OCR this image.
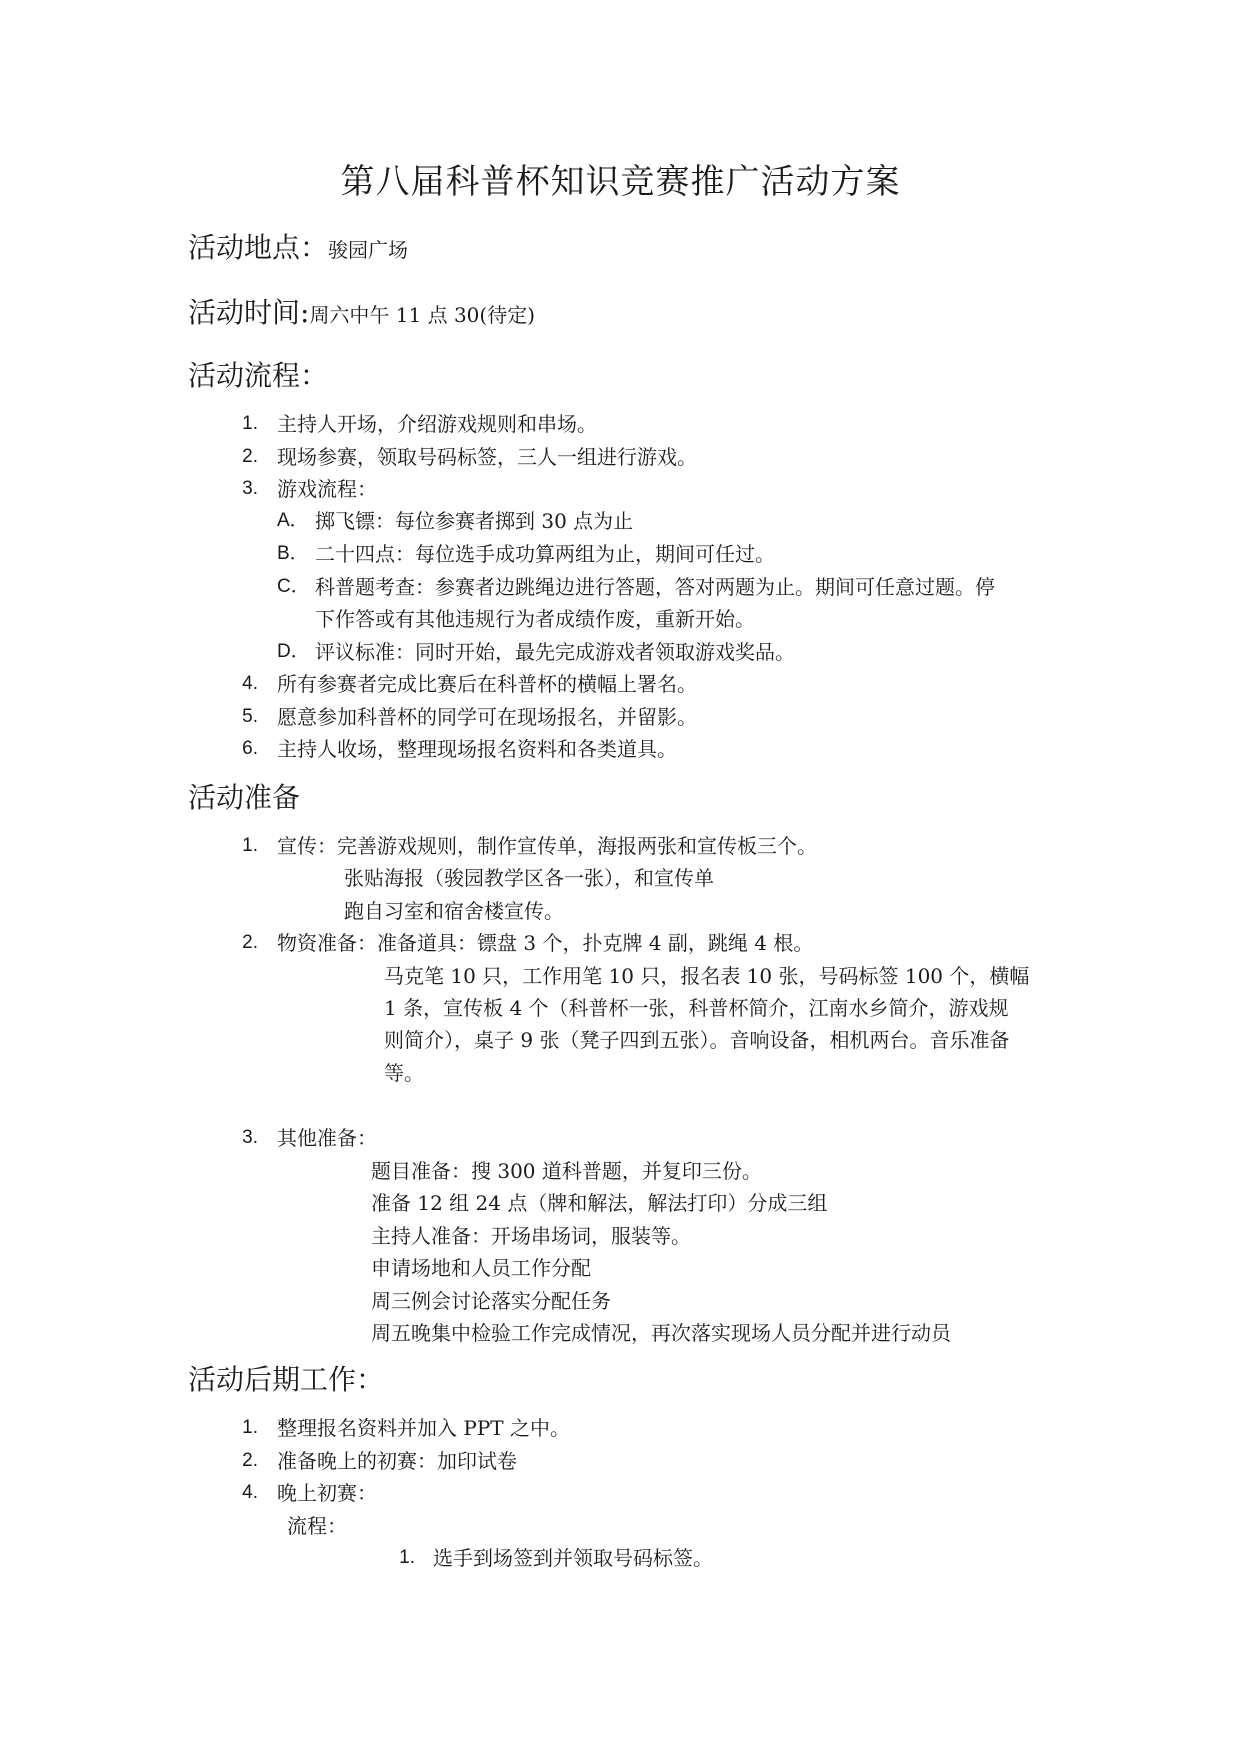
第八届科普杯知识竞赛推广活动方案
活动地点：骏园广场
活动时间:周六中午 11 点 30(待定)
活动流程：
1. 主持人开场，介绍游戏规则和串场。
2. 现场参赛，领取号码标签，三人一组进行游戏。
3. 游戏流程：
A． 掷飞镖：每位参赛者掷到 30 点为止
B． 二十四点：每位选手成功算两组为止，期间可任过。
C． 科普题考查：参赛者边跳绳边进行答题，答对两题为止。期间可任意过题。停
下作答或有其他违规行为者成绩作废，重新开始。
D． 评议标准：同时开始，最先完成游戏者领取游戏奖品。
4. 所有参赛者完成比赛后在科普杯的横幅上署名。
5. 愿意参加科普杯的同学可在现场报名，并留影。
6. 主持人收场，整理现场报名资料和各类道具。
活动准备
1. 宣传：完善游戏规则，制作宣传单，海报两张和宣传板三个。
张贴海报（骏园教学区各一张），和宣传单
跑自习室和宿舍楼宣传。
2. 物资准备：准备道具：镖盘 3 个，扑克牌 4 副，跳绳 4 根。
马克笔 10 只，工作用笔 10 只，报名表 10 张，号码标签 100 个，横幅
1 条，宣传板 4 个（科普杯一张，科普杯简介，江南水乡简介，游戏规
则简介），桌子 9 张（凳子四到五张）。音响设备，相机两台。音乐准备
等。
3. 其他准备：
题目准备：搜 300 道科普题，并复印三份。
准备 12 组 24 点（牌和解法，解法打印）分成三组
主持人准备：开场串场词，服装等。
申请场地和人员工作分配
周三例会讨论落实分配任务
周五晚集中检验工作完成情况，再次落实现场人员分配并进行动员
活动后期工作：
1. 整理报名资料并加入 PPT 之中。
2. 准备晚上的初赛：加印试卷
4. 晚上初赛：
流程：
1. 选手到场签到并领取号码标签。
